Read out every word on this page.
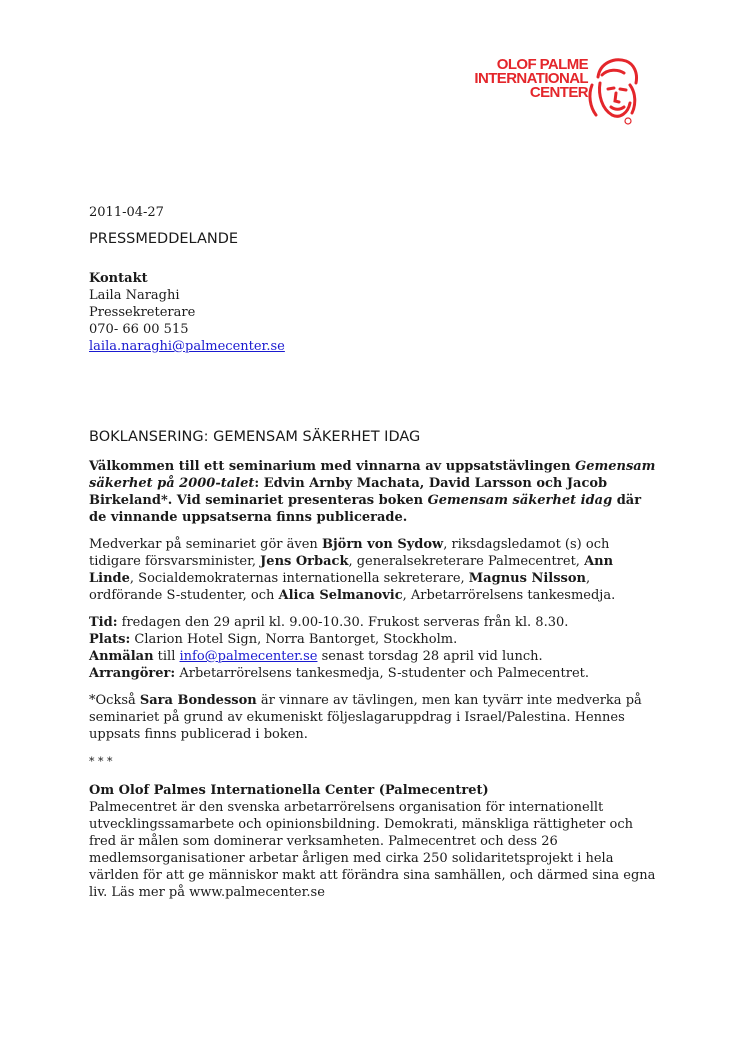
OLOF PALME
INTERNATIONAL
CENTER
2011-04-27
PRESSMEDDELANDE
Kontakt
Laila Naraghi
Pressekreterare
070- 66 00 515
laila.naraghi@palmecenter.se
BOKLANSERING: GEMENSAM SÄKERHET IDAG
Välkommen till ett seminarium med vinnarna av uppsatstävlingen Gemensam säkerhet på 2000-talet: Edvin Arnby Machata, David Larsson och Jacob Birkeland*. Vid seminariet presenteras boken Gemensam säkerhet idag där de vinnande uppsatserna finns publicerade.

Medverkar på seminariet gör även Björn von Sydow, riksdagsledamot (s) och tidigare försvarsminister, Jens Orback, generalsekreterare Palmecentret, Ann Linde, Socialdemokraternas internationella sekreterare, Magnus Nilsson, ordförande S-studenter, och Alica Selmanovic, Arbetarrörelsens tankesmedja.

Tid: fredagen den 29 april kl. 9.00-10.30. Frukost serveras från kl. 8.30.
Plats: Clarion Hotel Sign, Norra Bantorget, Stockholm.
Anmälan till info@palmecenter.se senast torsdag 28 april vid lunch.
Arrangörer: Arbetarrörelsens tankesmedja, S-studenter och Palmecentret.

*Också Sara Bondesson är vinnare av tävlingen, men kan tyvärr inte medverka på seminariet på grund av ekumeniskt följeslagaruppdrag i Israel/Palestina. Hennes uppsats finns publicerad i boken.

* * *
Om Olof Palmes Internationella Center (Palmecentret)
Palmecentret är den svenska arbetarrörelsens organisation för internationellt utvecklingssamarbete och opinionsbildning. Demokrati, mänskliga rättigheter och fred är målen som dominerar verksamheten. Palmecentret och dess 26 medlemsorganisationer arbetar årligen med cirka 250 solidaritetsprojekt i hela världen för att ge människor makt att förändra sina samhällen, och därmed sina egna liv. Läs mer på www.palmecenter.se
